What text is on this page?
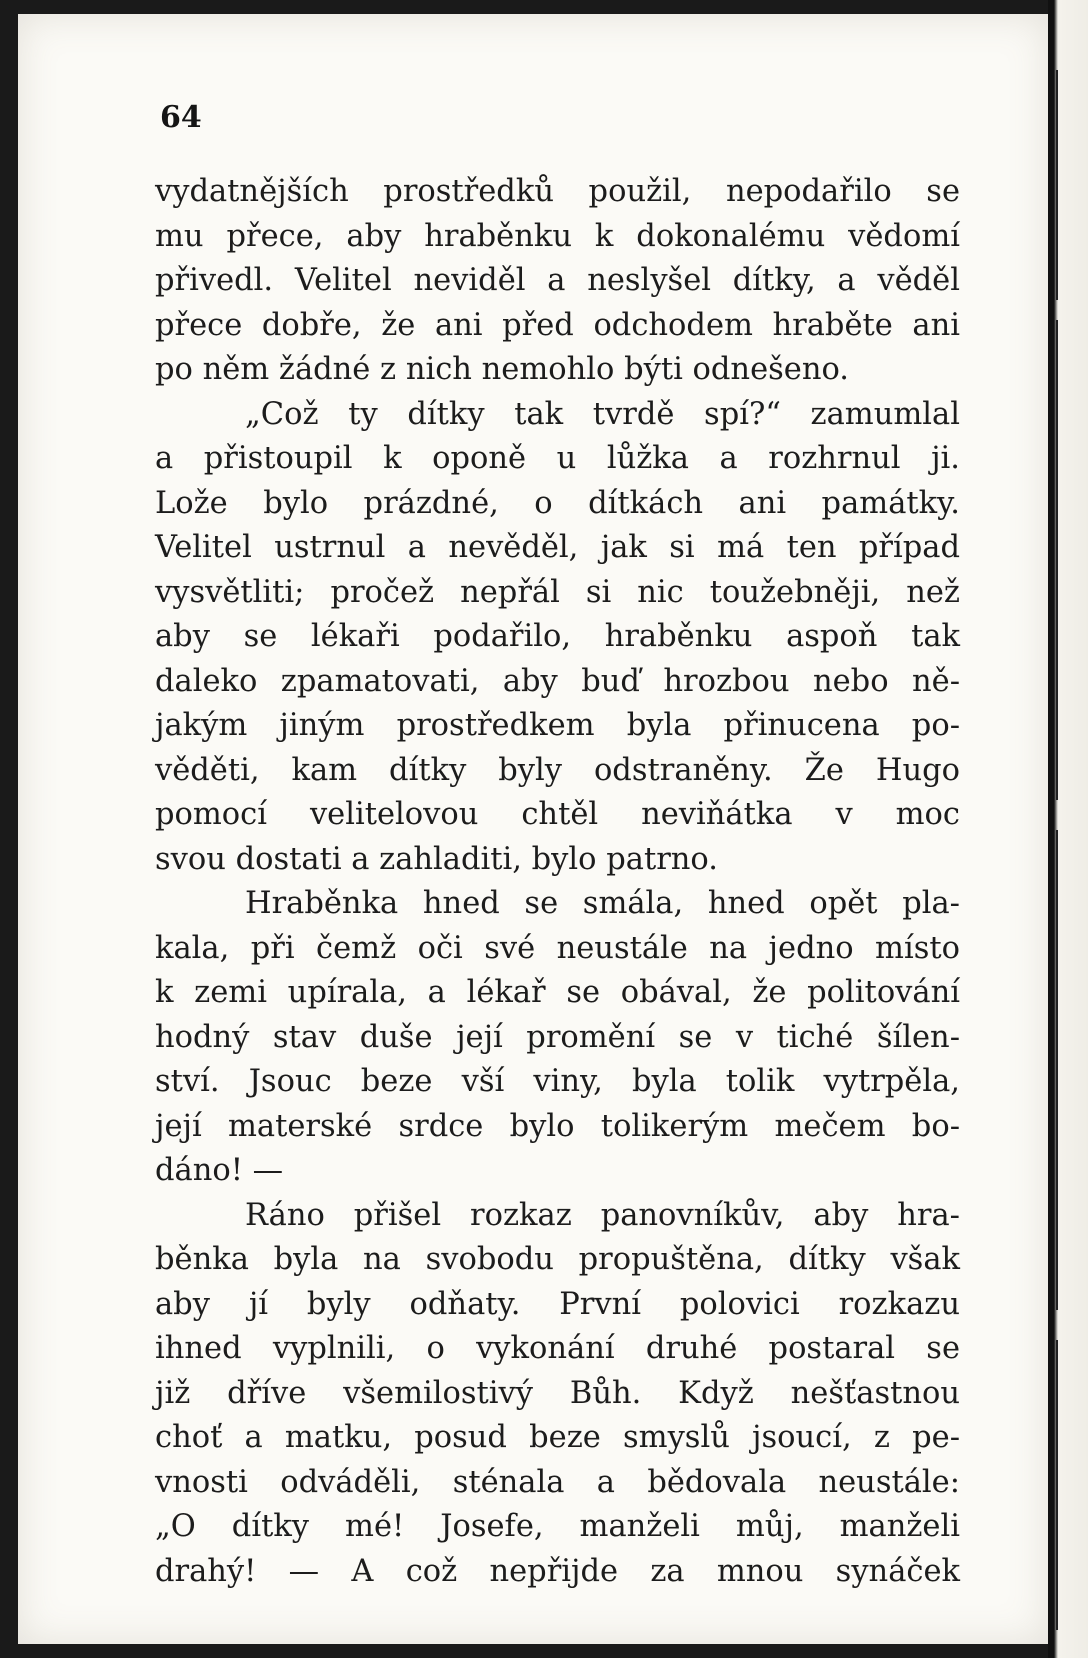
64
vydatnějších prostředků použil, nepodařilo se
mu přece, aby hraběnku k dokonalému vědomí
přivedl. Velitel neviděl a neslyšel dítky, a věděl
přece dobře, že ani před odchodem hraběte ani
po něm žádné z nich nemohlo býti odnešeno.
„Což ty dítky tak tvrdě spí?“ zamumlal
a přistoupil k oponě u lůžka a rozhrnul ji.
Lože bylo prázdné, o dítkách ani památky.
Velitel ustrnul a nevěděl, jak si má ten případ
vysvětliti; pročež nepřál si nic toužebněji, než
aby se lékaři podařilo, hraběnku aspoň tak
daleko zpamatovati, aby buď hrozbou nebo ně-
jakým jiným prostředkem byla přinucena po-
věděti, kam dítky byly odstraněny. Že Hugo
pomocí velitelovou chtěl neviňátka v moc
svou dostati a zahladiti, bylo patrno.
Hraběnka hned se smála, hned opět pla-
kala, při čemž oči své neustále na jedno místo
k zemi upírala, a lékař se obával, že politování
hodný stav duše její promění se v tiché šílen-
ství. Jsouc beze vší viny, byla tolik vytrpěla,
její materské srdce bylo tolikerým mečem bo-
dáno! —
Ráno přišel rozkaz panovníkův, aby hra-
běnka byla na svobodu propuštěna, dítky však
aby jí byly odňaty. První polovici rozkazu
ihned vyplnili, o vykonání druhé postaral se
již dříve všemilostivý Bůh. Když nešťastnou
choť a matku, posud beze smyslů jsoucí, z pe-
vnosti odváděli, sténala a bědovala neustále:
„O dítky mé! Josefe, manželi můj, manželi
drahý! — A což nepřijde za mnou synáček
